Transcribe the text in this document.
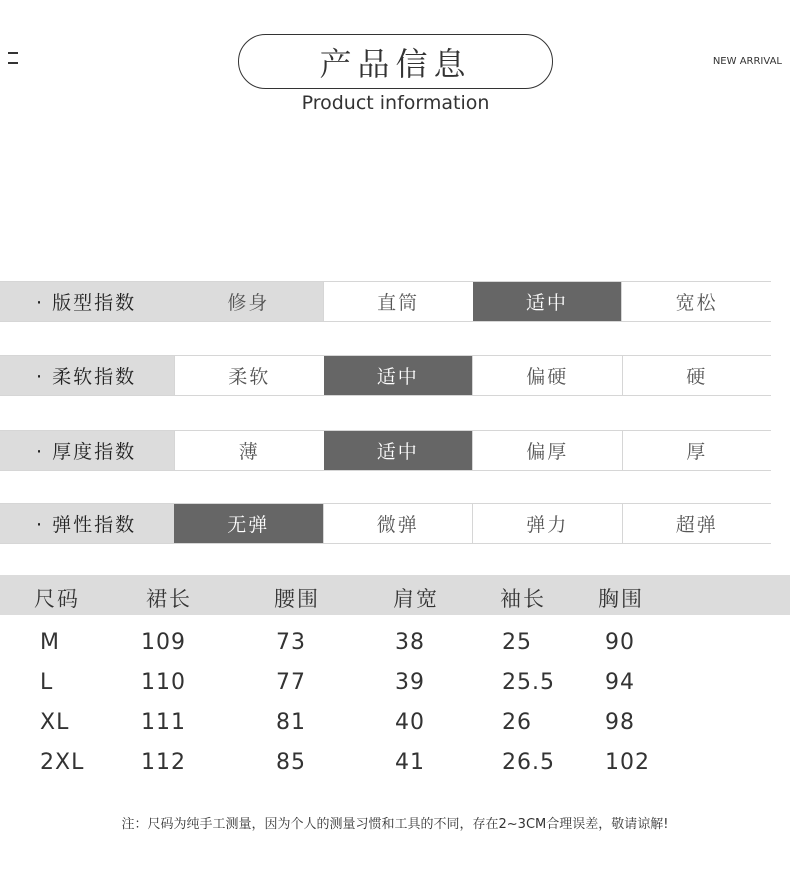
产品信息
Product information
NEW ARRIVAL
· 版型指数	修身	直筒	适中	宽松
· 柔软指数	柔软	适中	偏硬	硬
· 厚度指数	薄	适中	偏厚	厚
· 弹性指数	无弹	微弹	弹力	超弹
尺码	裙长	腰围	肩宽	袖长 胸围
M	109	73	38	25	90
L	110	77	39	25.5 94
XL	111	81	40	26	98
2XL	112	85	41	26.5 102
注：尺码为纯手工测量，因为个人的测量习惯和工具的不同，存在2~3CM合理误差，敬请谅解!
